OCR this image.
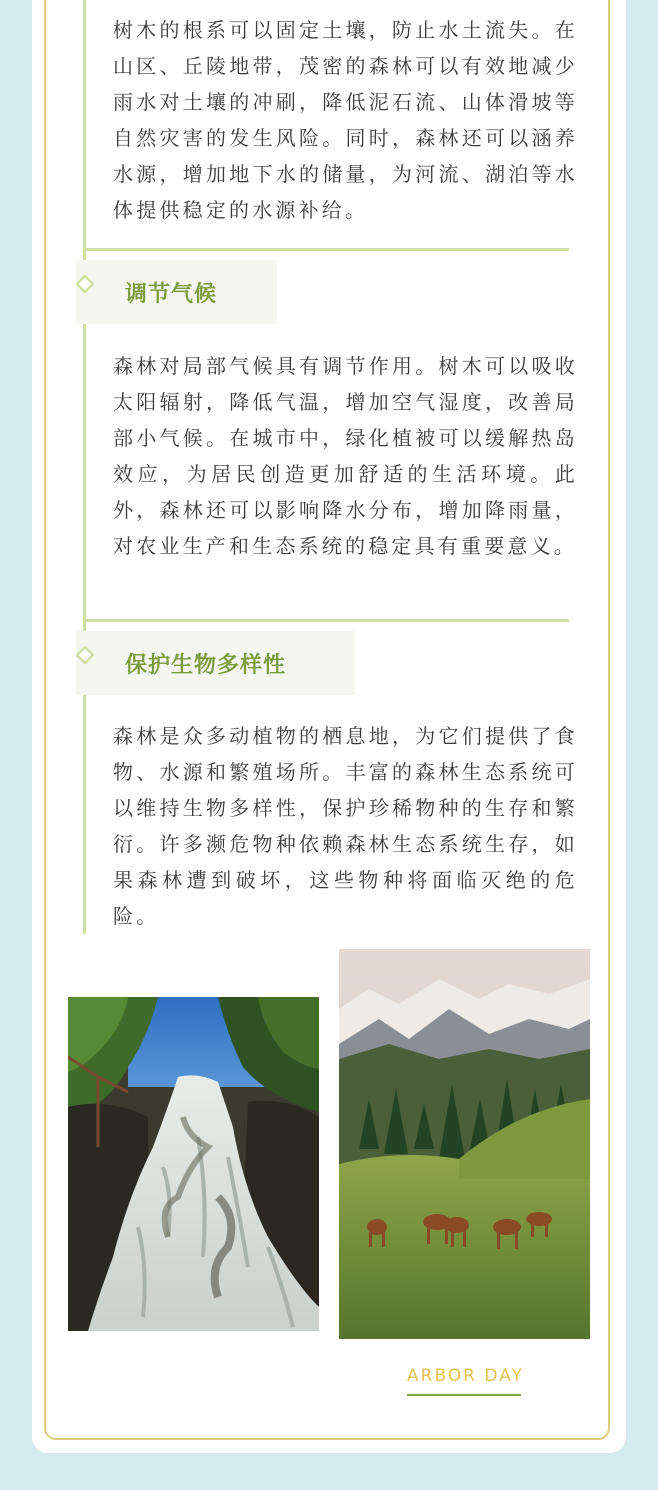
树木的根系可以固定土壤，防止水土流失。在山区、丘陵地带，茂密的森林可以有效地减少雨水对土壤的冲刷，降低泥石流、山体滑坡等自然灾害的发生风险。同时，森林还可以涵养水源，增加地下水的储量，为河流、湖泊等水体提供稳定的水源补给。

调节气候

森林对局部气候具有调节作用。树木可以吸收太阳辐射，降低气温，增加空气湿度，改善局部小气候。在城市中，绿化植被可以缓解热岛效应，为居民创造更加舒适的生活环境。此外，森林还可以影响降水分布，增加降雨量，对农业生产和生态系统的稳定具有重要意义。

保护生物多样性

森林是众多动植物的栖息地，为它们提供了食物、水源和繁殖场所。丰富的森林生态系统可以维持生物多样性，保护珍稀物种的生存和繁衍。许多濒危物种依赖森林生态系统生存，如果森林遭到破坏，这些物种将面临灭绝的危险。

ARBOR DAY
